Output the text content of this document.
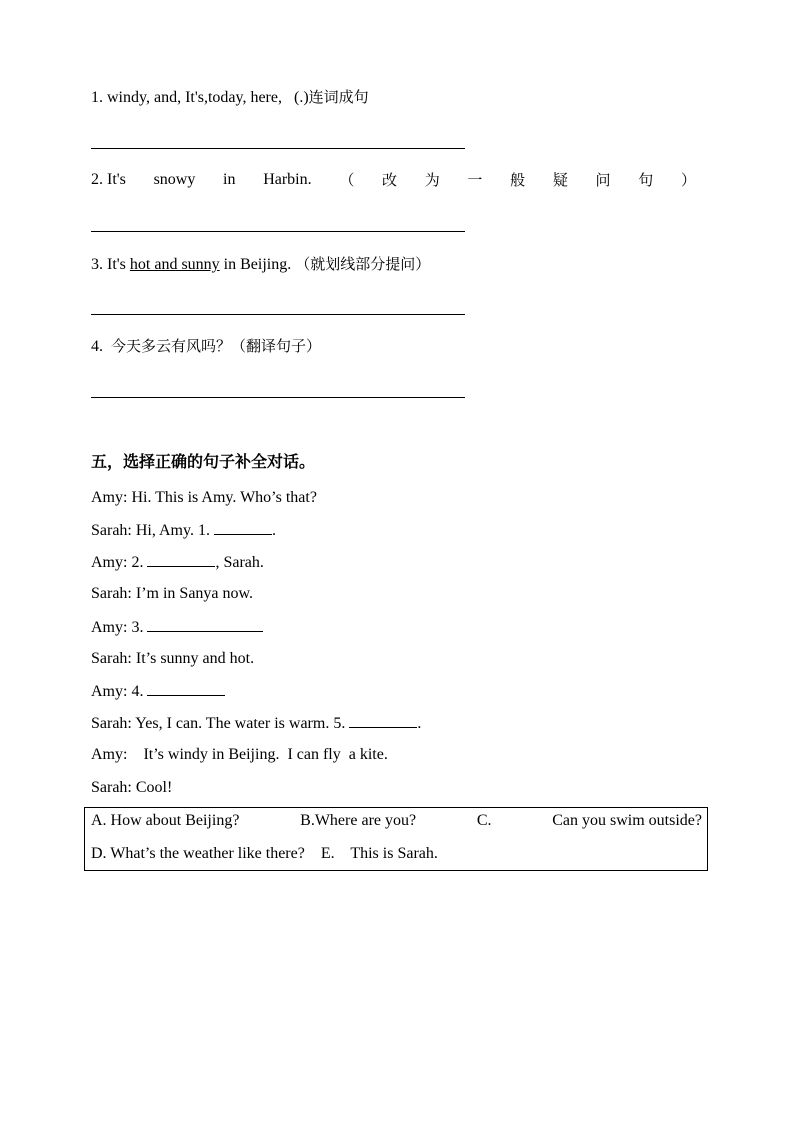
1. windy, and, It's,today, here,   (.)连词成句
2. It's snowy in Harbin. （ 改 为 一 般 疑 问 句 ）
3. It's hot and sunny in Beijing. （就划线部分提问）
4.  今天多云有风吗？（翻译句子）
五，选择正确的句子补全对话。
Amy: Hi. This is Amy. Who’s that?
Sarah: Hi, Amy. 1.	.
Amy: 2.	, Sarah.
Sarah: I’m in Sanya now.
Amy: 3.
Sarah: It’s sunny and hot.
Amy: 4.
Sarah: Yes, I can. The water is warm. 5.	.
Amy:    It’s windy in Beijing.  I can fly  a kite.
Sarah: Cool!
A. How about Beijing?	B.Where are you?	C.	Can you swim outside?
D. What’s the weather like there?    E.    This is Sarah.
